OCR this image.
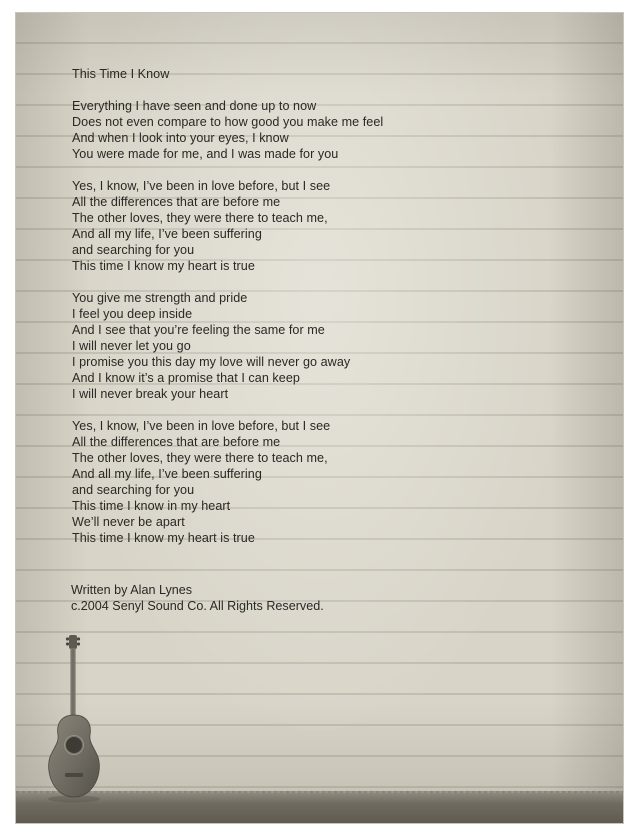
This Time I Know
Everything I have seen and done up to now
Does not even compare to how good you make me feel
And when I look into your eyes, I know
You were made for me, and I was made for you
Yes, I know, I’ve been in love before, but I see
All the differences that are before me
The other loves, they were there to teach me,
And all my life, I’ve been suffering
and searching for you
This time I know my heart is true
You give me strength and pride
I feel you deep inside
And I see that you’re feeling the same for me
I will never let you go
I promise you this day my love will never go away
And I know it’s a promise that I can keep
I will never break your heart
Yes, I know, I’ve been in love before, but I see
All the differences that are before me
The other loves, they were there to teach me,
And all my life, I’ve been suffering
and searching for you
This time I know in my heart
We’ll never be apart
This time I know my heart is true
Written by Alan Lynes
c.2004 Senyl Sound Co. All Rights Reserved.
